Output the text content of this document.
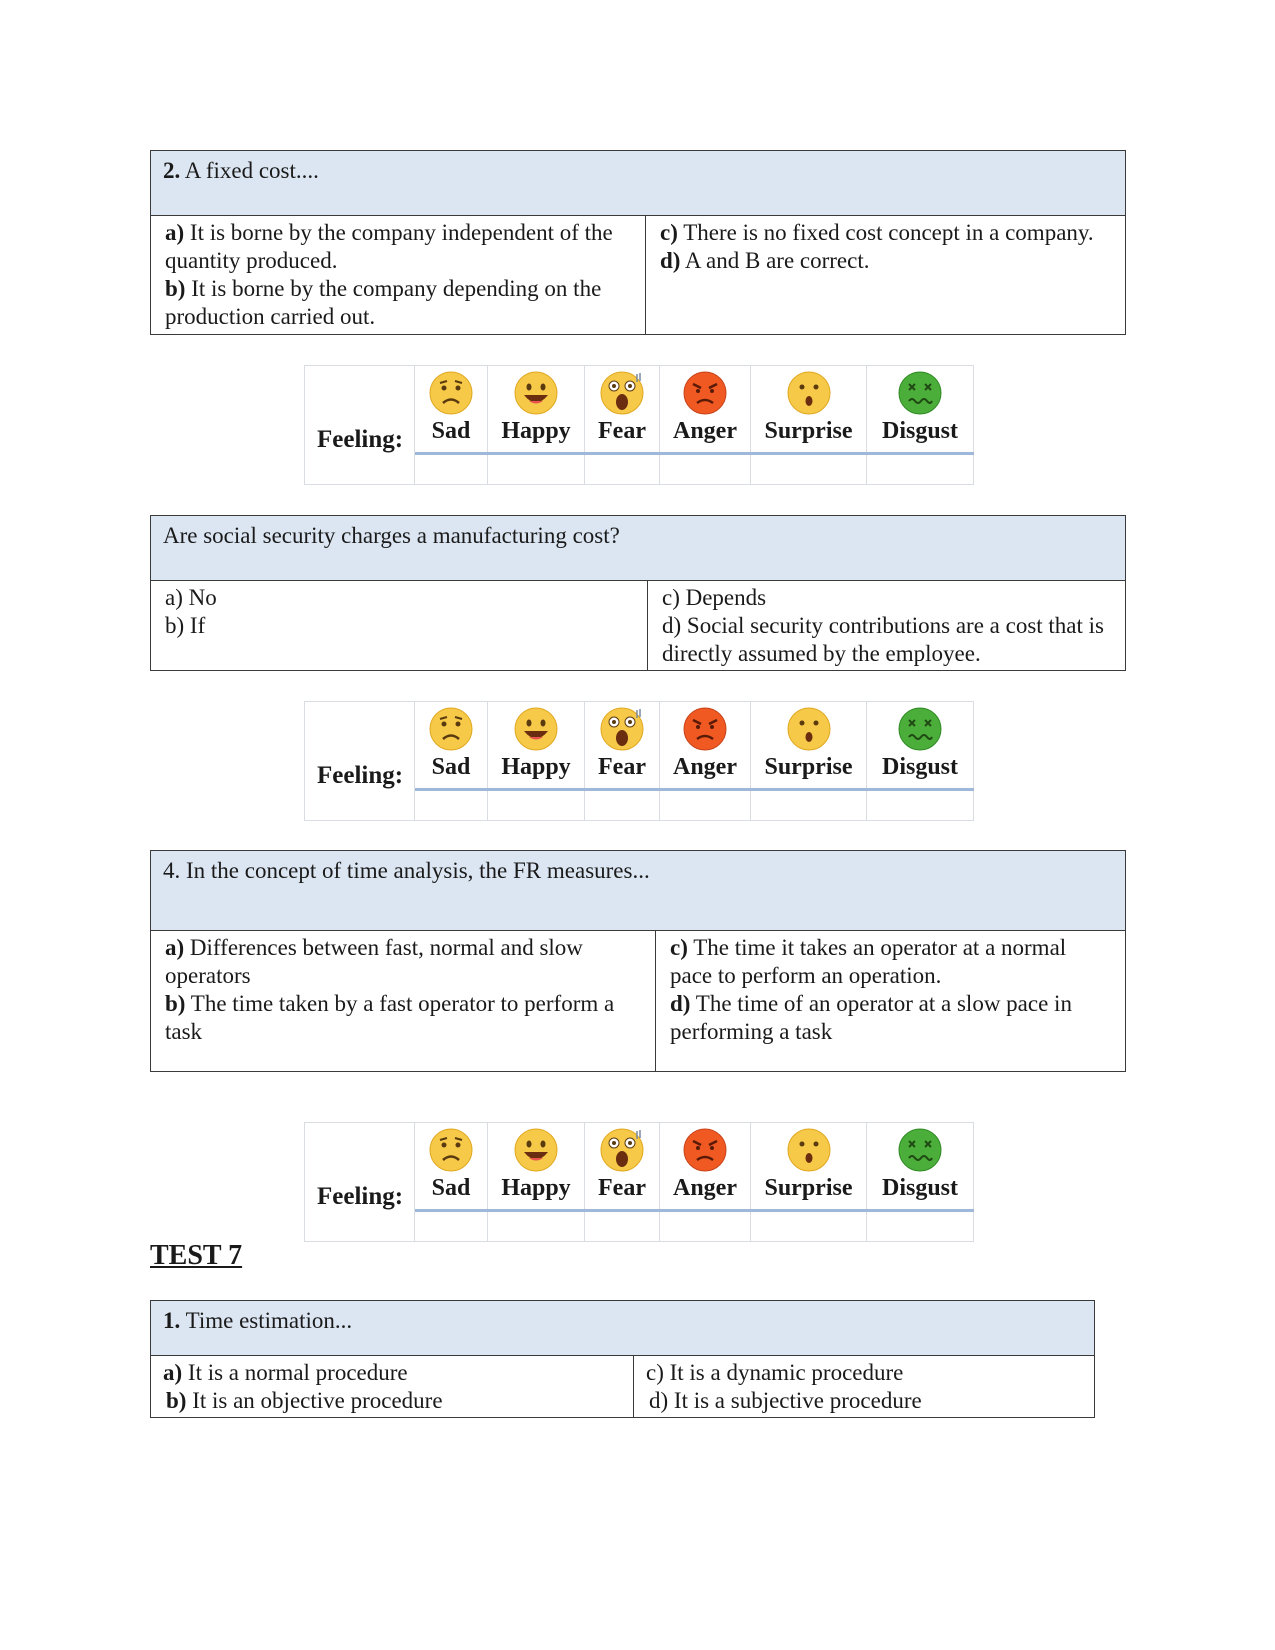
2. A fixed cost....

a) It is borne by the company independent of the quantity produced.

b) It is borne by the company depending on the production carried out.

c) There is no fixed cost concept in a company.

d) A and B are correct.

Feeling:	Sad	Happy	Fear	Anger	Surprise	Disgust
Are social security charges a manufacturing cost?

a) No

b) If

c) Depends

d) Social security contributions are a cost that is directly assumed by the employee.

Feeling:	Sad	Happy	Fear	Anger	Surprise	Disgust
4. In the concept of time analysis, the FR measures...

a) Differences between fast, normal and slow operators

b) The time taken by a fast operator to perform a task

c) The time it takes an operator at a normal pace to perform an operation.

d) The time of an operator at a slow pace in performing a task

Feeling:	Sad	Happy	Fear	Anger	Surprise	Disgust
TEST 7
1. Time estimation...

a) It is a normal procedure

b) It is an objective procedure

c) It is a dynamic procedure

d) It is a subjective procedure
